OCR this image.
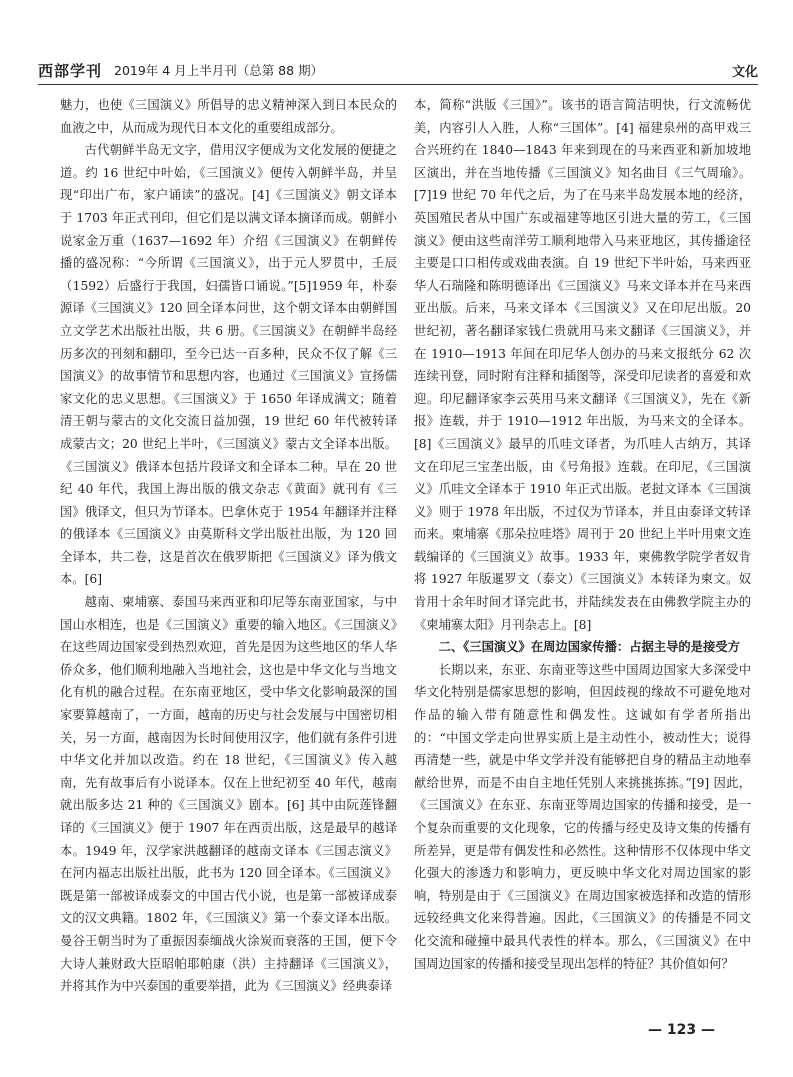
西部学刊 2019年 4 月上半月刊（总第 88 期）	文化

魅力，也使《三国演义》所倡导的忠义精神深入到日本民众的血液之中，从而成为现代日本文化的重要组成部分。

古代朝鲜半岛无文字，借用汉字便成为文化发展的便捷之道。约 16 世纪中叶始，《三国演义》便传入朝鲜半岛，并呈现“印出广布，家户诵读”的盛况。[4]《三国演义》朝文译本于 1703 年正式刊印，但它们是以满文译本摘译而成。朝鲜小说家金万重（1637—1692 年）介绍《三国演义》在朝鲜传播的盛况称：“今所谓《三国演义》，出于元人罗贯中，壬辰（1592）后盛行于我国，妇孺皆口诵说。”[5]1959 年，朴泰源译《三国演义》120 回全译本问世，这个朝文译本由朝鲜国立文学艺术出版社出版，共 6 册。《三国演义》在朝鲜半岛经历多次的刊刻和翻印，至今已达一百多种，民众不仅了解《三国演义》的故事情节和思想内容，也通过《三国演义》宣扬儒家文化的忠义思想。《三国演义》于 1650 年译成满文；随着清王朝与蒙古的文化交流日益加强，19 世纪 60 年代被转译成蒙古文；20 世纪上半叶，《三国演义》蒙古文全译本出版。《三国演义》俄译本包括片段译文和全译本二种。早在 20 世纪 40 年代，我国上海出版的俄文杂志《黄面》就刊有《三国》俄译文，但只为节译本。巴拿休克于 1954 年翻译并注释的俄译本《三国演义》由莫斯科文学出版社出版，为 120 回全译本，共二卷，这是首次在俄罗斯把《三国演义》译为俄文本。[6]

越南、柬埔寨、泰国马来西亚和印尼等东南亚国家，与中国山水相连，也是《三国演义》重要的输入地区。《三国演义》在这些周边国家受到热烈欢迎，首先是因为这些地区的华人华侨众多，他们顺利地融入当地社会，这也是中华文化与当地文化有机的融合过程。在东南亚地区，受中华文化影响最深的国家要算越南了，一方面，越南的历史与社会发展与中国密切相关，另一方面，越南因为长时间使用汉字，他们就有条件引进中华文化并加以改造。约在 18 世纪，《三国演义》传入越南，先有故事后有小说译本。仅在上世纪初至 40 年代，越南就出版多达 21 种的《三国演义》剧本。[6] 其中由阮莲锋翻译的《三国演义》便于 1907 年在西贡出版，这是最早的越译本。1949 年，汉学家洪越翻译的越南文译本《三国志演义》在河内福志出版社出版，此书为 120 回全译本。《三国演义》既是第一部被译成泰文的中国古代小说，也是第一部被译成泰文的汉文典籍。1802 年，《三国演义》第一个泰文译本出版。曼谷王朝当时为了重振因泰缅战火涂炭而衰落的王国，便下令大诗人兼财政大臣昭帕耶帕康（洪）主持翻译《三国演义》，并将其作为中兴泰国的重要举措，此为《三国演义》经典泰译

本，简称“洪版《三国》”。该书的语言简洁明快，行文流畅优美，内容引人入胜，人称“三国体”。[4] 福建泉州的高甲戏三合兴班约在 1840—1843 年来到现在的马来西亚和新加坡地区演出，并在当地传播《三国演义》知名曲目《三气周瑜》。[7]19 世纪 70 年代之后，为了在马来半岛发展本地的经济，英国殖民者从中国广东或福建等地区引进大量的劳工，《三国演义》便由这些南洋劳工顺利地带入马来亚地区，其传播途径主要是口口相传或戏曲表演。自 19 世纪下半叶始，马来西亚华人石瑞隆和陈明德译出《三国演义》马来文译本并在马来西亚出版。后来，马来文译本《三国演义》又在印尼出版。20 世纪初，著名翻译家钱仁贵就用马来文翻译《三国演义》，并在 1910—1913 年间在印尼华人创办的马来文报纸分 62 次连续刊登，同时附有注释和插图等，深受印尼读者的喜爱和欢迎。印尼翻译家李云英用马来文翻译《三国演义》，先在《新报》连载，并于 1910—1912 年出版，为马来文的全译本。[8]《三国演义》最早的爪哇文译者，为爪哇人古纳万，其译文在印尼三宝垄出版，由《号角报》连载。在印尼，《三国演义》爪哇文全译本于 1910 年正式出版。老挝文译本《三国演义》则于 1978 年出版，不过仅为节译本，并且由泰译文转译而来。柬埔寨《那朵拉哇塔》周刊于 20 世纪上半叶用柬文连载编译的《三国演义》故事。1933 年，柬佛教学院学者奴肯将 1927 年版暹罗文（泰文）《三国演义》本转译为柬文。奴肯用十余年时间才译完此书，并陆续发表在由佛教学院主办的《柬埔寨太阳》月刊杂志上。[8]

二、《三国演义》在周边国家传播：占据主导的是接受方

长期以来，东亚、东南亚等这些中国周边国家大多深受中华文化特别是儒家思想的影响，但因歧视的缘故不可避免地对作品的输入带有随意性和偶发性。这诚如有学者所指出的：“中国文学走向世界实质上是主动性小，被动性大；说得再清楚一些，就是中华文学并没有能够把自身的精品主动地奉献给世界，而是不由自主地任凭别人来挑挑拣拣。”[9] 因此，《三国演义》在东亚、东南亚等周边国家的传播和接受，是一个复杂而重要的文化现象，它的传播与经史及诗文集的传播有所差异，更是带有偶发性和必然性。这种情形不仅体现中华文化强大的渗透力和影响力，更反映中华文化对周边国家的影响，特别是由于《三国演义》在周边国家被选择和改造的情形远较经典文化来得普遍。因此，《三国演义》的传播是不同文化交流和碰撞中最具代表性的样本。那么，《三国演义》在中国周边国家的传播和接受呈现出怎样的特征？其价值如何？

— 123 —
